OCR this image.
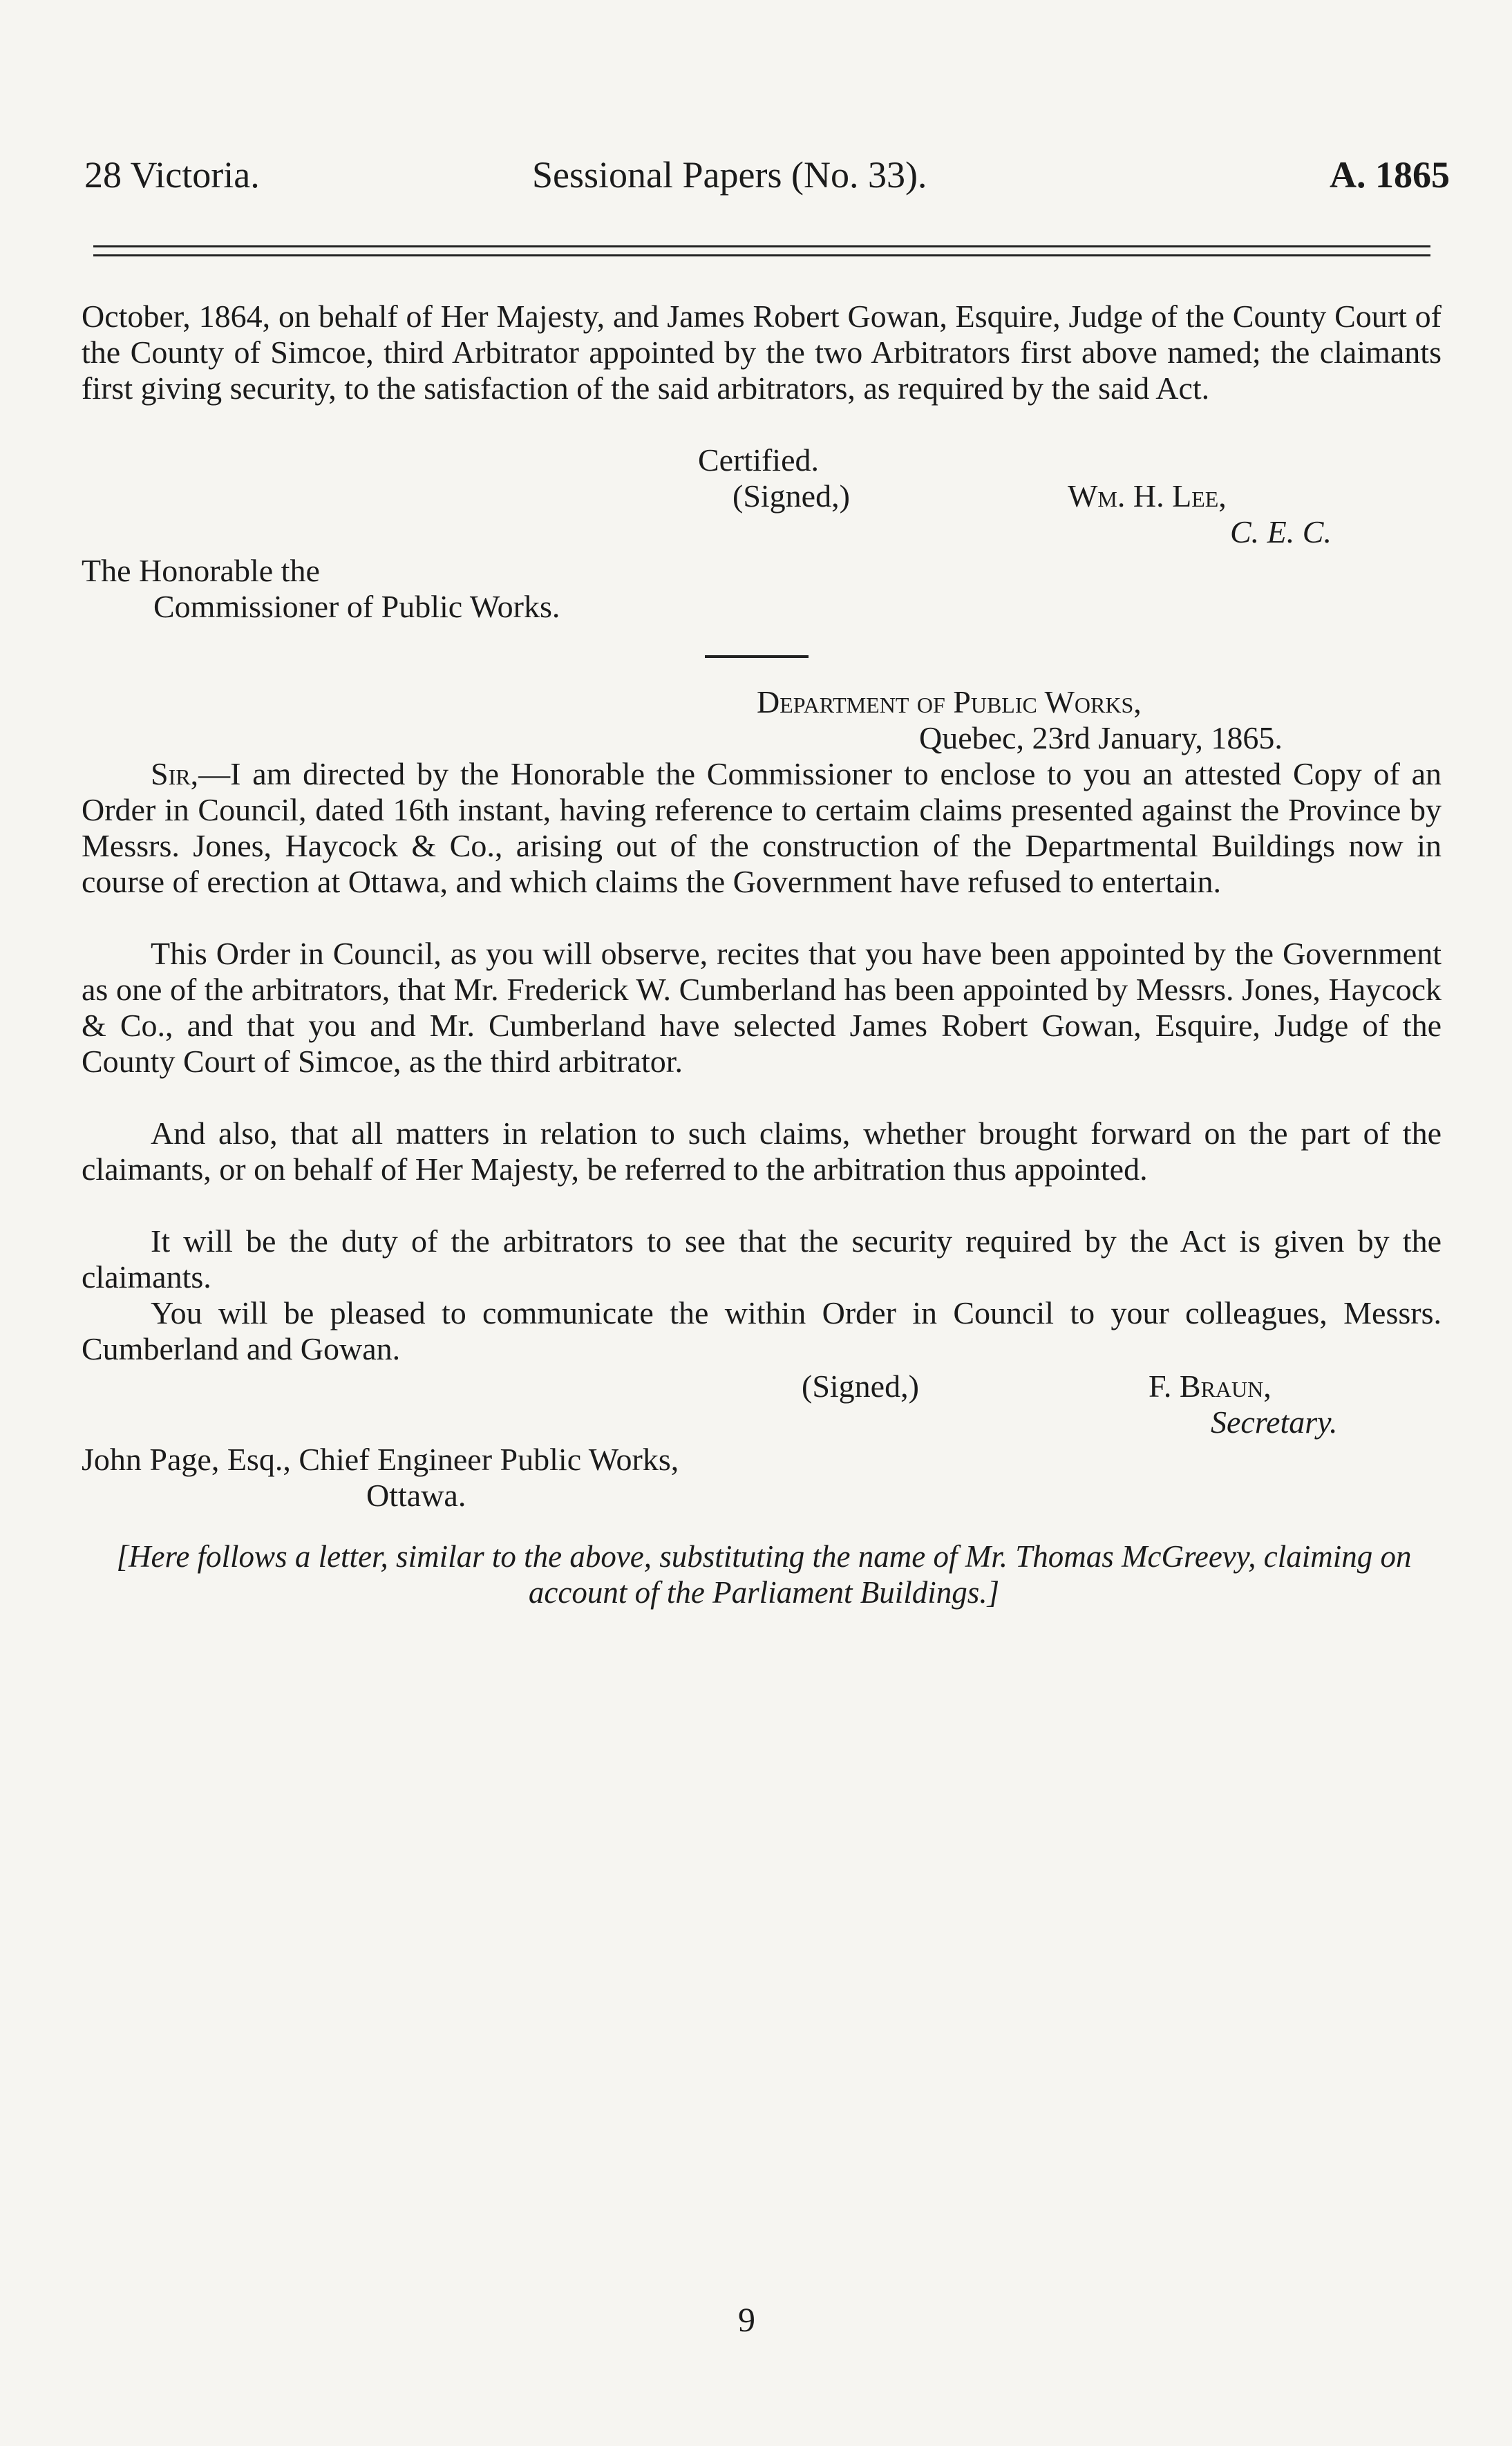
28 Victoria.	Sessional Papers (No. 33).	A. 1865
October, 1864, on behalf of Her Majesty, and James Robert Gowan, Esquire, Judge of the County Court of the County of Simcoe, third Arbitrator appointed by the two Arbitrators first above named; the claimants first giving security, to the satisfaction of the said arbitrators, as required by the said Act.
Certified.
(Signed,)	Wm. H. Lee,
C. E. C.
The Honorable the
Commissioner of Public Works.
Department of Public Works,
Quebec, 23rd January, 1865.
Sir,—I am directed by the Honorable the Commissioner to enclose to you an attested Copy of an Order in Council, dated 16th instant, having reference to certaim claims presented against the Province by Messrs. Jones, Haycock & Co., arising out of the construction of the Departmental Buildings now in course of erection at Ottawa, and which claims the Government have refused to entertain.
This Order in Council, as you will observe, recites that you have been appointed by the Government as one of the arbitrators, that Mr. Frederick W. Cumberland has been appointed by Messrs. Jones, Haycock & Co., and that you and Mr. Cumberland have selected James Robert Gowan, Esquire, Judge of the County Court of Simcoe, as the third arbitrator.
And also, that all matters in relation to such claims, whether brought forward on the part of the claimants, or on behalf of Her Majesty, be referred to the arbitration thus appointed.
It will be the duty of the arbitrators to see that the security required by the Act is given by the claimants.
You will be pleased to communicate the within Order in Council to your colleagues, Messrs. Cumberland and Gowan.
(Signed,)	F. Braun,
Secretary.
John Page, Esq., Chief Engineer Public Works,
Ottawa.
[Here follows a letter, similar to the above, substituting the name of Mr. Thomas McGreevy, claiming on account of the Parliament Buildings.]
9
